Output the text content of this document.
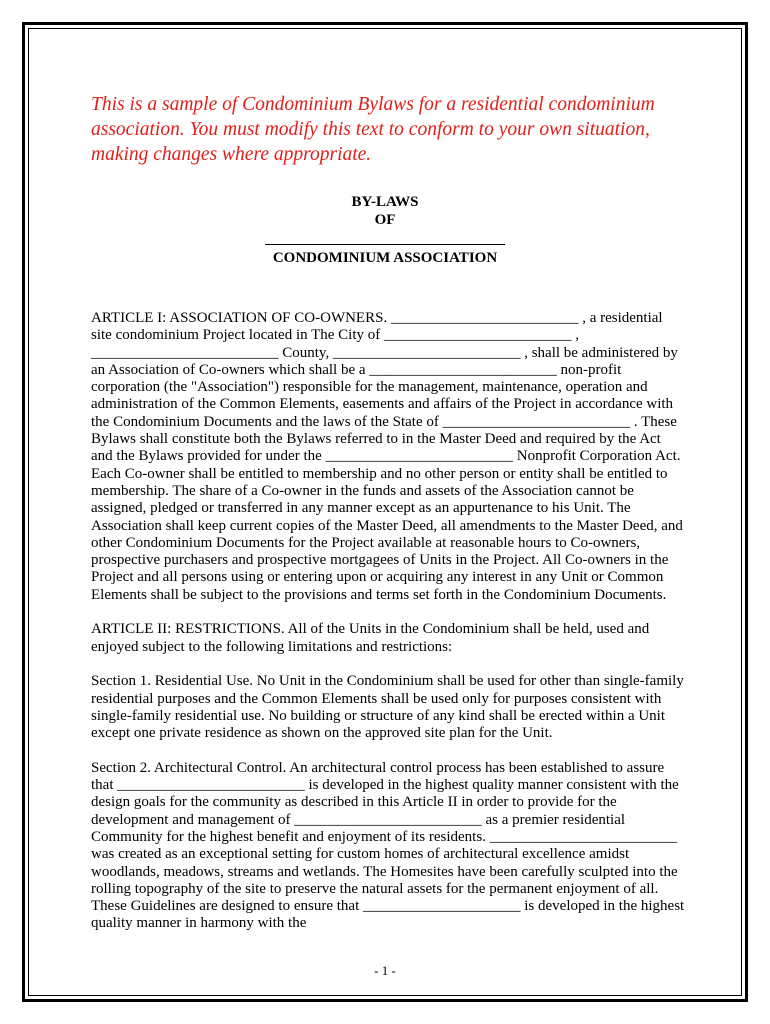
This is a sample of Condominium Bylaws for a residential condominium association. You must modify this text to conform to your own situation, making changes where appropriate.

BY-LAWS

OF

CONDOMINIUM ASSOCIATION

ARTICLE I: ASSOCIATION OF CO-OWNERS. _________________________ , a residential site condominium Project located in The City of _________________________ , _________________________ County, _________________________ , shall be administered by an Association of Co-owners which shall be a _________________________ non-profit corporation (the "Association") responsible for the management, maintenance, operation and administration of the Common Elements, easements and affairs of the Project in accordance with the Condominium Documents and the laws of the State of _________________________ . These Bylaws shall constitute both the Bylaws referred to in the Master Deed and required by the Act and the Bylaws provided for under the _________________________ Nonprofit Corporation Act. Each Co-owner shall be entitled to membership and no other person or entity shall be entitled to membership. The share of a Co-owner in the funds and assets of the Association cannot be assigned, pledged or transferred in any manner except as an appurtenance to his Unit. The Association shall keep current copies of the Master Deed, all amendments to the Master Deed, and other Condominium Documents for the Project available at reasonable hours to Co-owners, prospective purchasers and prospective mortgagees of Units in the Project. All Co-owners in the Project and all persons using or entering upon or acquiring any interest in any Unit or Common Elements shall be subject to the provisions and terms set forth in the Condominium Documents.

ARTICLE II: RESTRICTIONS. All of the Units in the Condominium shall be held, used and enjoyed subject to the following limitations and restrictions:

Section 1. Residential Use. No Unit in the Condominium shall be used for other than single-family residential purposes and the Common Elements shall be used only for purposes consistent with single-family residential use. No building or structure of any kind shall be erected within a Unit except one private residence as shown on the approved site plan for the Unit.

Section 2. Architectural Control. An architectural control process has been established to assure that _________________________ is developed in the highest quality manner consistent with the design goals for the community as described in this Article II in order to provide for the development and management of _________________________ as a premier residential Community for the highest benefit and enjoyment of its residents. _________________________ was created as an exceptional setting for custom homes of architectural excellence amidst woodlands, meadows, streams and wetlands. The Homesites have been carefully sculpted into the rolling topography of the site to preserve the natural assets for the permanent enjoyment of all. These Guidelines are designed to ensure that _____________________ is developed in the highest quality manner in harmony with the

- 1 -
